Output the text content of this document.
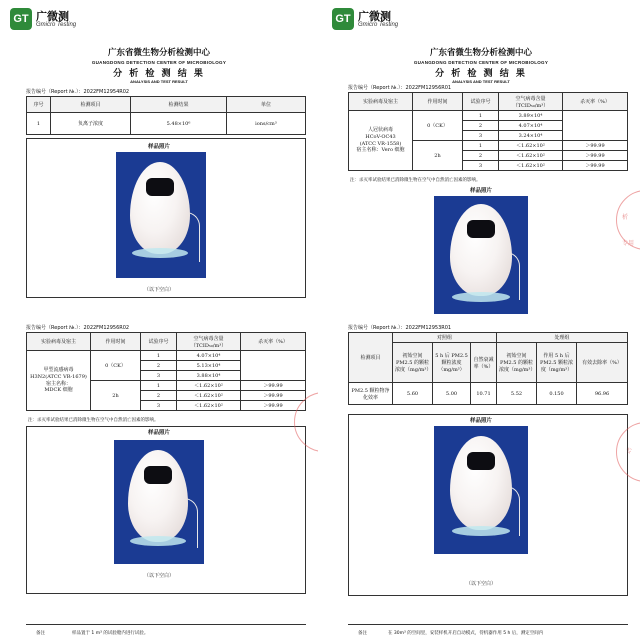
GT 广微测
Gmicro Testing
广东省微生物分析检测中心
GUANGDONG DETECTION CENTER OF MICROBIOLOGY
分 析 检 测 结 果
ANALYSIS AND TEST RESULT
报告编号（Report №.）：2022FM12954R02
序号	检测项目	检测结果	单位
1	负离子浓度	5.48×10⁶	ions/cm³
样品照片
（以下空白）
GT 广微测
Gmicro Testing
广东省微生物分析检测中心
GUANGDONG DETECTION CENTER OF MICROBIOLOGY
分 析 检 测 结 果
ANALYSIS AND TEST RESULT
报告编号（Report №.）：2022FM12956R01
实验病毒及宿主	作用时间	试验序号	空气病毒含量（TCID₅₀/m³）	杀灭率（%）

人冠状病毒
HCoV-OC43
(ATCC VR-1558)
宿主名称：Vero 细胞	0（CK）	1	3.89×10⁴	
		2	4.07×10⁴	
		3	3.24×10⁴	
	2h	1	＜1.62×10²	＞99.99
		2	＜1.62×10²	＞99.99
		3	＜1.62×10²	＞99.99
注：杀灭率试验结果已消除微生物在空气中自然消亡因素的影响。
样品照片
析
专用
报告编号（Report №.）：2022FM12956R02
实验病毒及宿主	作用时间	试验序号	空气病毒含量（TCID₅₀/m³）	杀灭率（%）

甲型流感病毒
H3N2(ATCC VR-1679)
宿主名称：
MDCK 细胞	0（CK）	1	4.07×10⁴	
		2	5.13×10⁴	
		3	3.88×10⁴	
	2h	1	＜1.62×10²	＞99.99
		2	＜1.62×10²	＞99.99
		3	＜1.62×10²	＞99.99
注：杀灭率试验结果已消除微生物在空气中自然消亡因素的影响。
样品照片
（以下空白）
备注	样品置于 1 m³ 的试验舱内进行试验。
报告编号（Report №.）：2022FM12953R01
检测项目	对照组			处理组		
	初始空间 PM2.5 的颗粒浓度（mg/m³）	5 h 后 PM2.5 颗粒浓度（mg/m³）	自然衰减率（%）	初始空间 PM2.5 的颗粒浓度（mg/m³）	作用 5 h 后 PM2.5 颗粒浓度（mg/m³）	有效去除率（%）
PM2.5 颗粒物净化效率	5.60	5.00	10.71	5.52	0.150	96.96
样品照片
（以下空白）
专
备注	在 30m³ 的空间里，安装样机开启自动模式，待机器作用 5 h 后，测定空间内
